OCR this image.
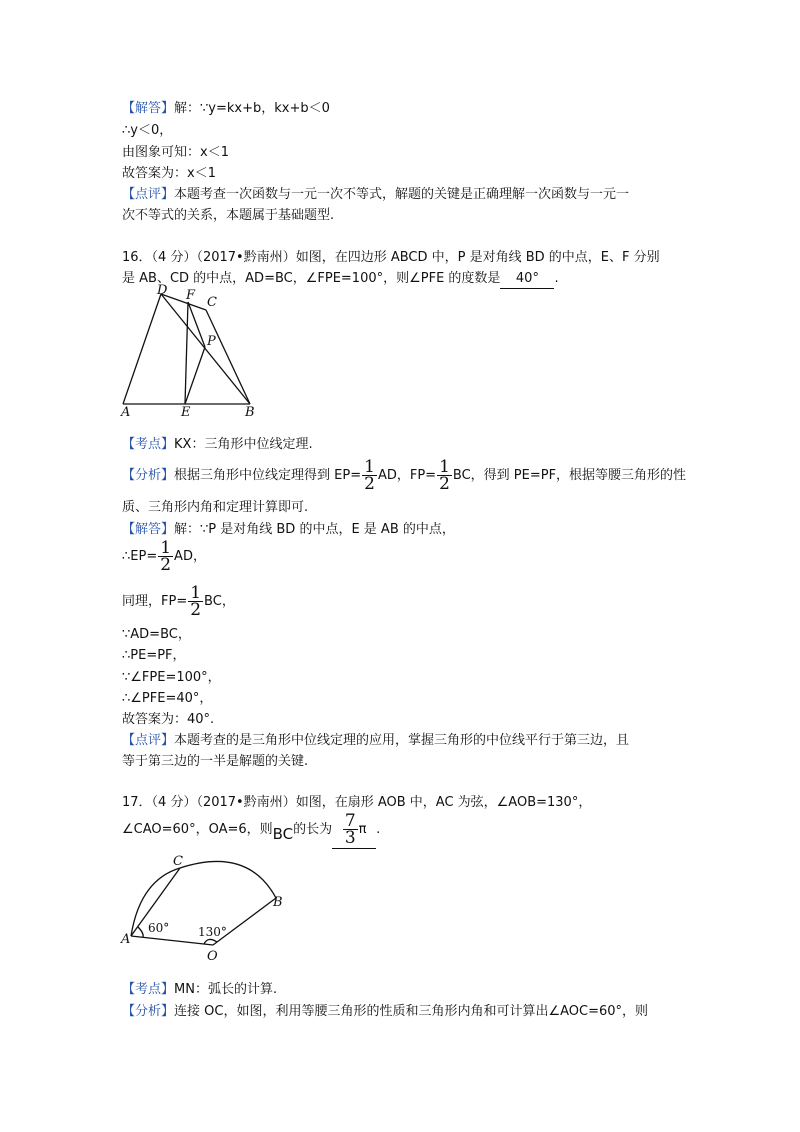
【解答】解：∵y=kx+b，kx+b＜0
∴y＜0，
由图象可知：x＜1
故答案为：x＜1
【点评】本题考查一次函数与一元一次不等式，解题的关键是正确理解一次函数与一元一
次不等式的关系，本题属于基础题型.
16．（4 分）（2017•黔南州）如图，在四边形 ABCD 中，P 是对角线 BD 的中点，E、F 分别
是 AB、CD 的中点，AD=BC，∠FPE=100°，则∠PFE 的度数是 40° .
D F C
P
A	E	B
【考点】KX：三角形中位线定理.
【分析】根据三角形中位线定理得到 $EP= \frac{1}{2}$ AD，$FP= \frac{1}{2}$ BC，得到 PE=PF，根据等腰三角形的性
质、三角形内角和定理计算即可.
【解答】解：∵P 是对角线 BD 的中点，E 是 AB 的中点，
∴EP= $\frac{1}{2}$ AD，
同理，$FP= \frac{1}{2}$ BC，
∵AD=BC，
∴PE=PF，
∵∠FPE=100°，
∴∠PFE=40°，
故答案为：40°.
【点评】本题考查的是三角形中位线定理的应用，掌握三角形的中位线平行于第三边，且
等于第三边的一半是解题的关键.
17．（4 分）（2017•黔南州）如图，在扇形 AOB 中，AC 为弦，∠AOB=130°，
∠CAO=60°，OA=6，则BC的长为 $\frac{7}{3}$ π .
C
B
A
O
60° 130°
【考点】MN：弧长的计算.
【分析】连接 OC，如图，利用等腰三角形的性质和三角形内角和可计算出∠AOC=60°，则
